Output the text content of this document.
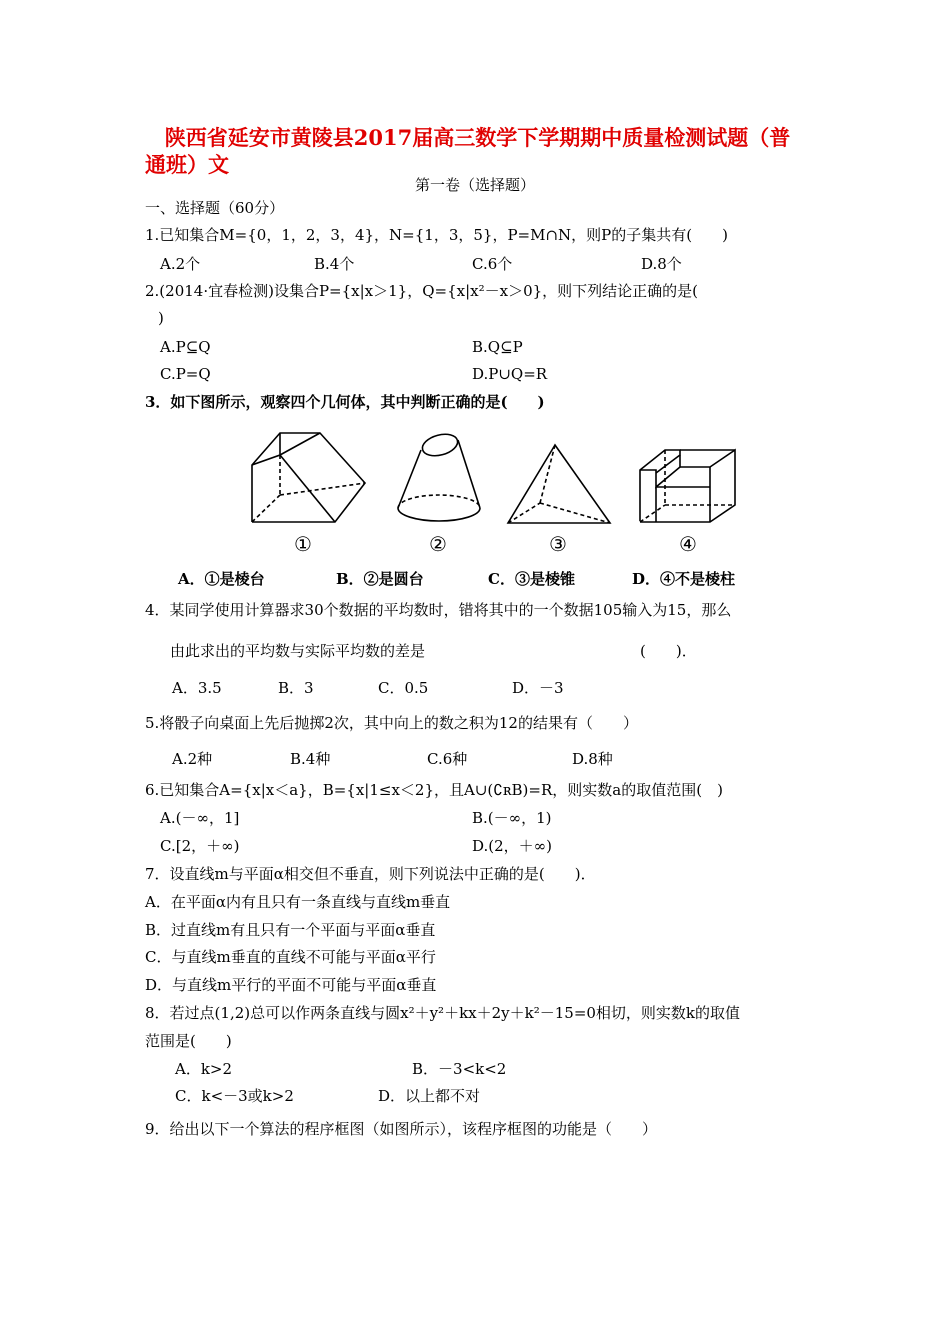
陕西省延安市黄陵县2017届高三数学下学期期中质量检测试题（普
通班）文
第一卷（选择题）
一、选择题（60分）
1.已知集合M={0，1，2，3，4}，N={1，3，5}，P=M∩N，则P的子集共有(　　)
A.2个	B.4个	C.6个	D.8个
2.(2014·宜春检测)设集合P={x|x＞1}，Q={x|x²－x＞0}，则下列结论正确的是(
)
A.P⊆Q	B.Q⊆P
C.P=Q	D.P∪Q=R
3．如下图所示，观察四个几何体，其中判断正确的是(　　)
①	②	③	④
A．①是棱台	B．②是圆台	C．③是棱锥	D．④不是棱柱
4．某同学使用计算器求30个数据的平均数时，错将其中的一个数据105输入为15，那么
由此求出的平均数与实际平均数的差是	(　　)．
A．3.5	B．3	C．0.5	D．－3
5.将骰子向桌面上先后抛掷2次，其中向上的数之积为12的结果有（　　）
A.2种	B.4种	C.6种	D.8种
6.已知集合A={x|x＜a}，B={x|1≤x＜2}，且A∪(∁ʀB)=R，则实数a的取值范围(　)
A.(－∞，1]	B.(－∞，1)
C.[2，＋∞)	D.(2，＋∞)
7．设直线m与平面α相交但不垂直，则下列说法中正确的是(　　)．
A．在平面α内有且只有一条直线与直线m垂直
B．过直线m有且只有一个平面与平面α垂直
C．与直线m垂直的直线不可能与平面α平行
D．与直线m平行的平面不可能与平面α垂直
8．若过点(1,2)总可以作两条直线与圆x²＋y²＋kx＋2y＋k²－15=0相切，则实数k的取值
范围是(　　)
A．k>2	B．－3<k<2
C．k<－3或k>2	D．以上都不对
9．给出以下一个算法的程序框图（如图所示），该程序框图的功能是（　　）
